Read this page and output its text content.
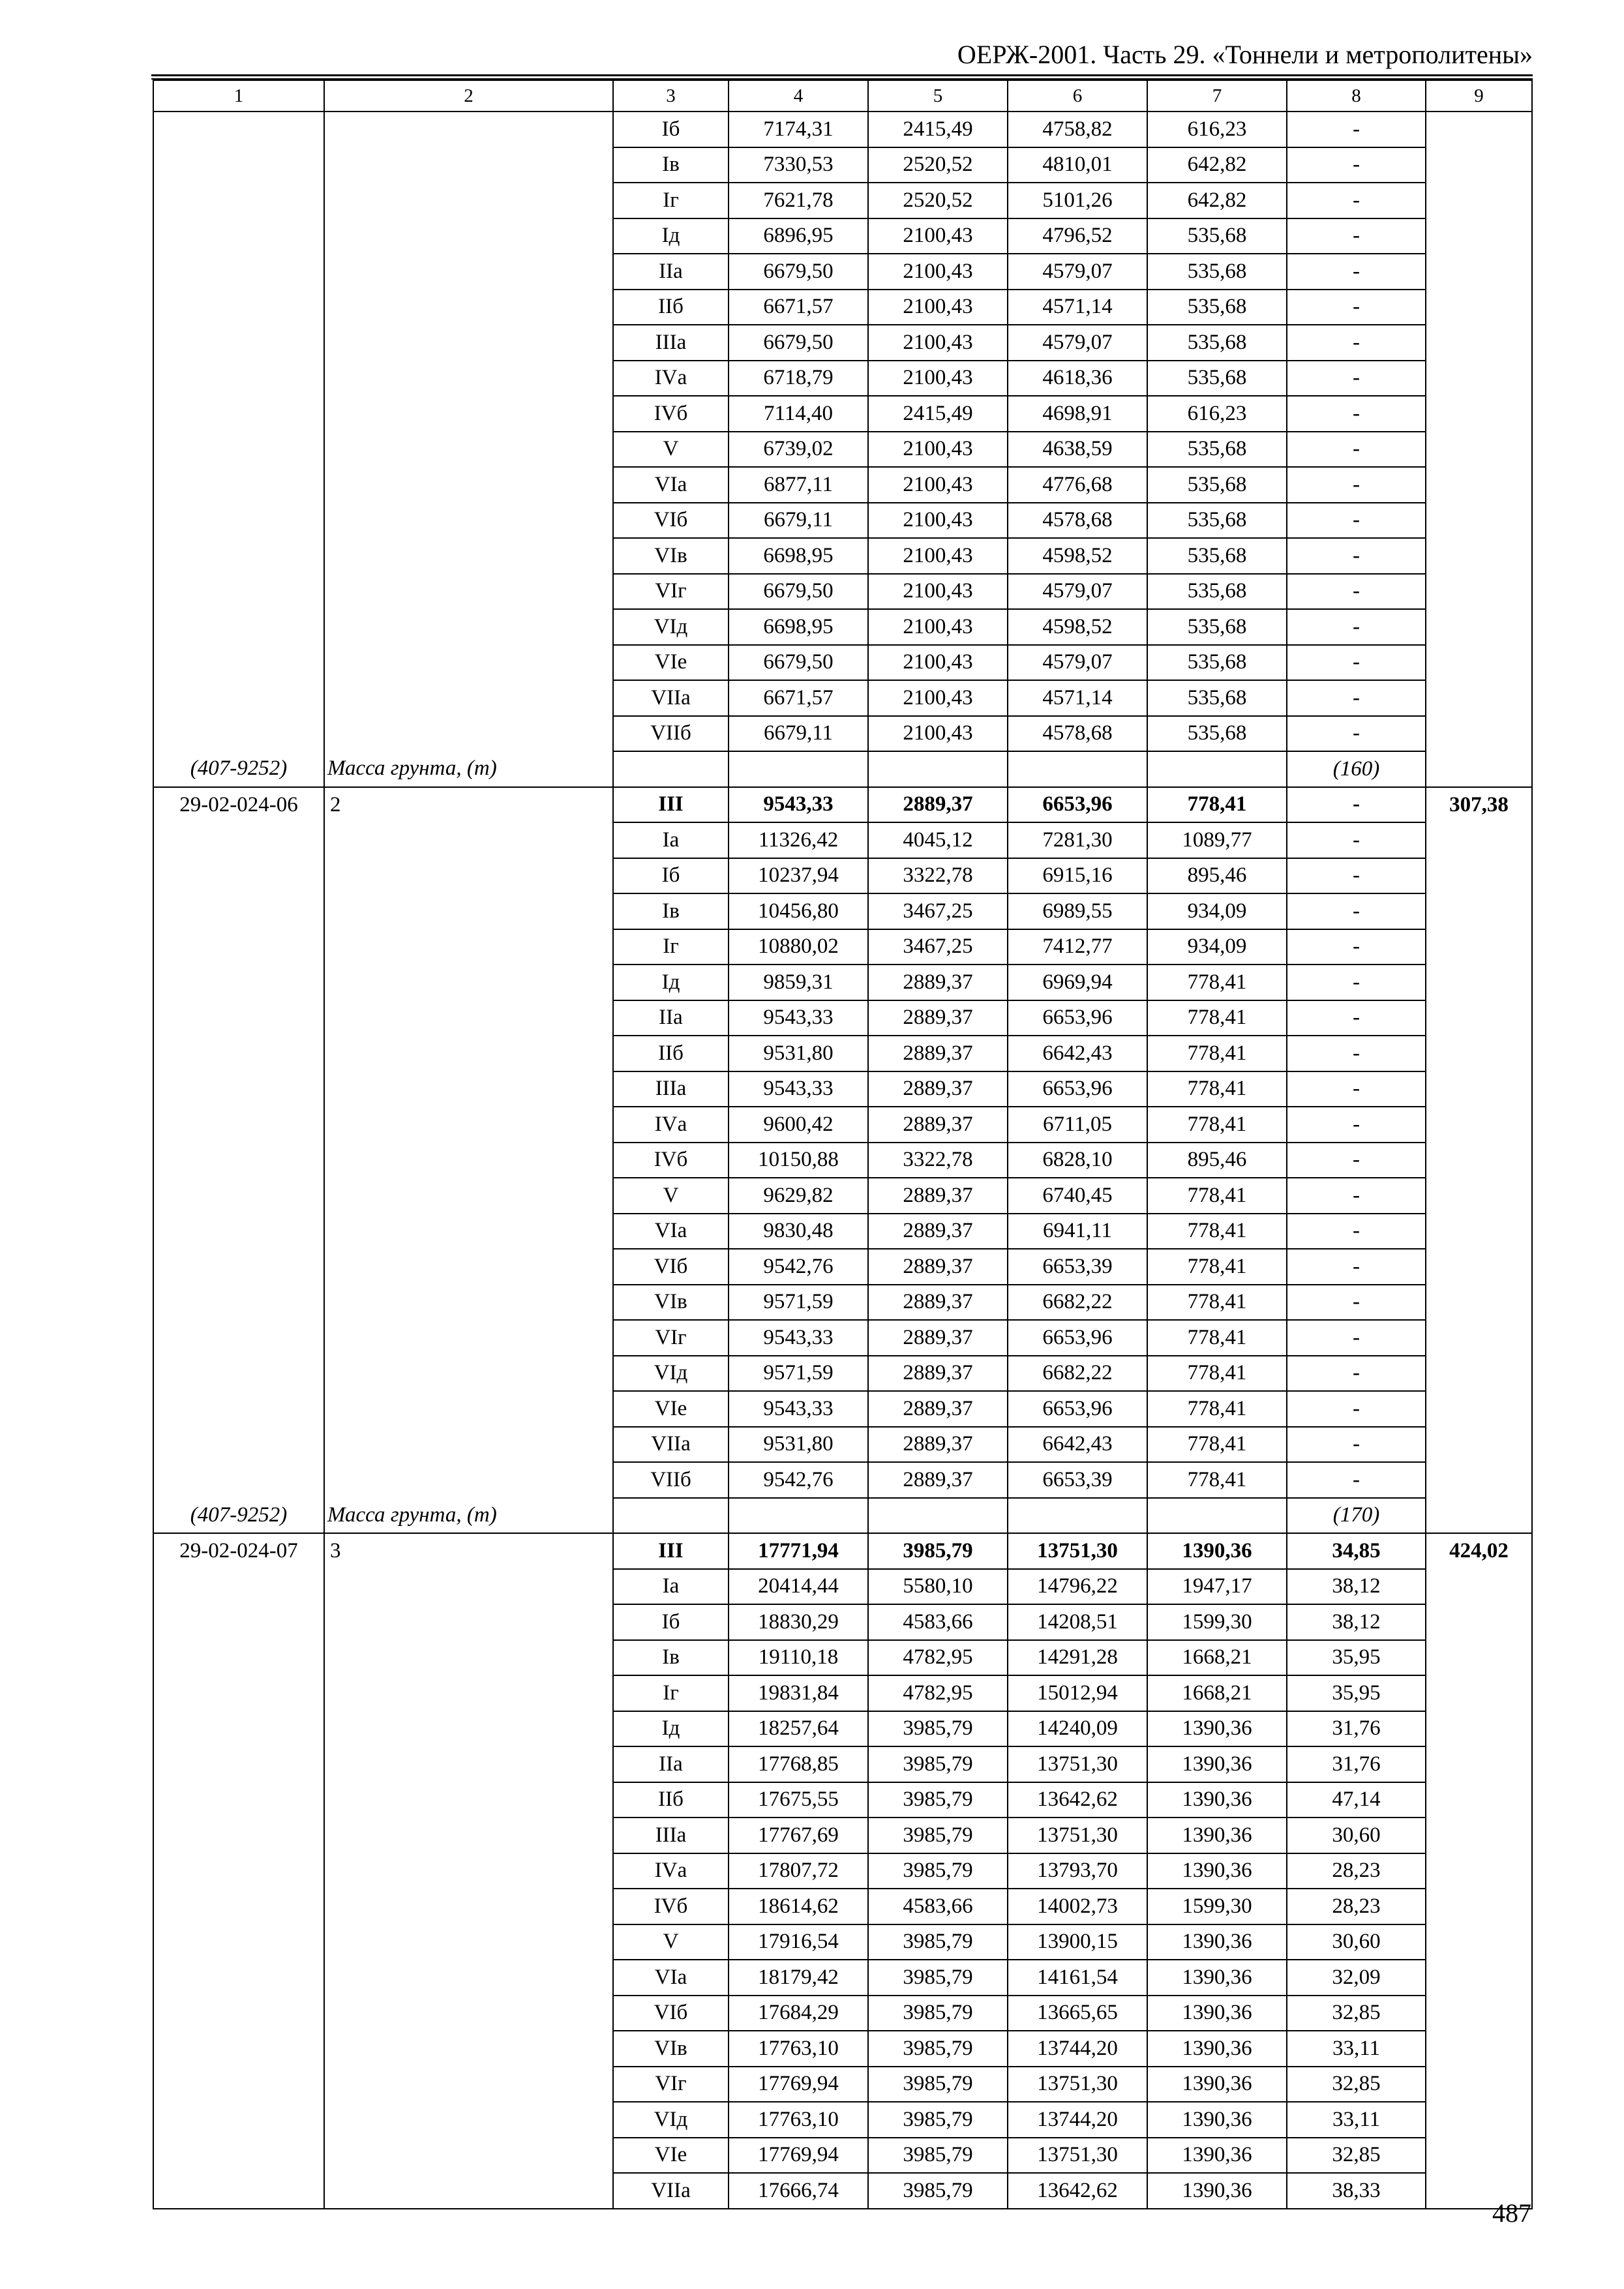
ОЕРЖ-2001. Часть 29. «Тоннели и метрополитены»
1	2	3	4	5	6	7	8	9
		Iб	7174,31	2415,49	4758,82	616,23	-	
		Iв	7330,53	2520,52	4810,01	642,82	-	
		Iг	7621,78	2520,52	5101,26	642,82	-	
		Iд	6896,95	2100,43	4796,52	535,68	-	
		IIа	6679,50	2100,43	4579,07	535,68	-	
		IIб	6671,57	2100,43	4571,14	535,68	-	
		IIIа	6679,50	2100,43	4579,07	535,68	-	
		IVа	6718,79	2100,43	4618,36	535,68	-	
		IVб	7114,40	2415,49	4698,91	616,23	-	
		V	6739,02	2100,43	4638,59	535,68	-	
		VIа	6877,11	2100,43	4776,68	535,68	-	
		VIб	6679,11	2100,43	4578,68	535,68	-	
		VIв	6698,95	2100,43	4598,52	535,68	-	
		VIг	6679,50	2100,43	4579,07	535,68	-	
		VIд	6698,95	2100,43	4598,52	535,68	-	
		VIе	6679,50	2100,43	4579,07	535,68	-	
		VIIа	6671,57	2100,43	4571,14	535,68	-	
		VIIб	6679,11	2100,43	4578,68	535,68	-	
(407-9252)	Масса грунта, (т)						(160)	
29-02-024-06	2	III	9543,33	2889,37	6653,96	778,41	-	307,38
		Iа	11326,42	4045,12	7281,30	1089,77	-	
		Iб	10237,94	3322,78	6915,16	895,46	-	
		Iв	10456,80	3467,25	6989,55	934,09	-	
		Iг	10880,02	3467,25	7412,77	934,09	-	
		Iд	9859,31	2889,37	6969,94	778,41	-	
		IIа	9543,33	2889,37	6653,96	778,41	-	
		IIб	9531,80	2889,37	6642,43	778,41	-	
		IIIа	9543,33	2889,37	6653,96	778,41	-	
		IVа	9600,42	2889,37	6711,05	778,41	-	
		IVб	10150,88	3322,78	6828,10	895,46	-	
		V	9629,82	2889,37	6740,45	778,41	-	
		VIа	9830,48	2889,37	6941,11	778,41	-	
		VIб	9542,76	2889,37	6653,39	778,41	-	
		VIв	9571,59	2889,37	6682,22	778,41	-	
		VIг	9543,33	2889,37	6653,96	778,41	-	
		VIд	9571,59	2889,37	6682,22	778,41	-	
		VIе	9543,33	2889,37	6653,96	778,41	-	
		VIIа	9531,80	2889,37	6642,43	778,41	-	
		VIIб	9542,76	2889,37	6653,39	778,41	-	
(407-9252)	Масса грунта, (т)						(170)	
29-02-024-07	3	III	17771,94	3985,79	13751,30	1390,36	34,85	424,02
		Iа	20414,44	5580,10	14796,22	1947,17	38,12	
		Iб	18830,29	4583,66	14208,51	1599,30	38,12	
		Iв	19110,18	4782,95	14291,28	1668,21	35,95	
		Iг	19831,84	4782,95	15012,94	1668,21	35,95	
		Iд	18257,64	3985,79	14240,09	1390,36	31,76	
		IIа	17768,85	3985,79	13751,30	1390,36	31,76	
		IIб	17675,55	3985,79	13642,62	1390,36	47,14	
		IIIа	17767,69	3985,79	13751,30	1390,36	30,60	
		IVа	17807,72	3985,79	13793,70	1390,36	28,23	
		IVб	18614,62	4583,66	14002,73	1599,30	28,23	
		V	17916,54	3985,79	13900,15	1390,36	30,60	
		VIа	18179,42	3985,79	14161,54	1390,36	32,09	
		VIб	17684,29	3985,79	13665,65	1390,36	32,85	
		VIв	17763,10	3985,79	13744,20	1390,36	33,11	
		VIг	17769,94	3985,79	13751,30	1390,36	32,85	
		VIд	17763,10	3985,79	13744,20	1390,36	33,11	
		VIе	17769,94	3985,79	13751,30	1390,36	32,85	
		VIIа	17666,74	3985,79	13642,62	1390,36	38,33	
487
